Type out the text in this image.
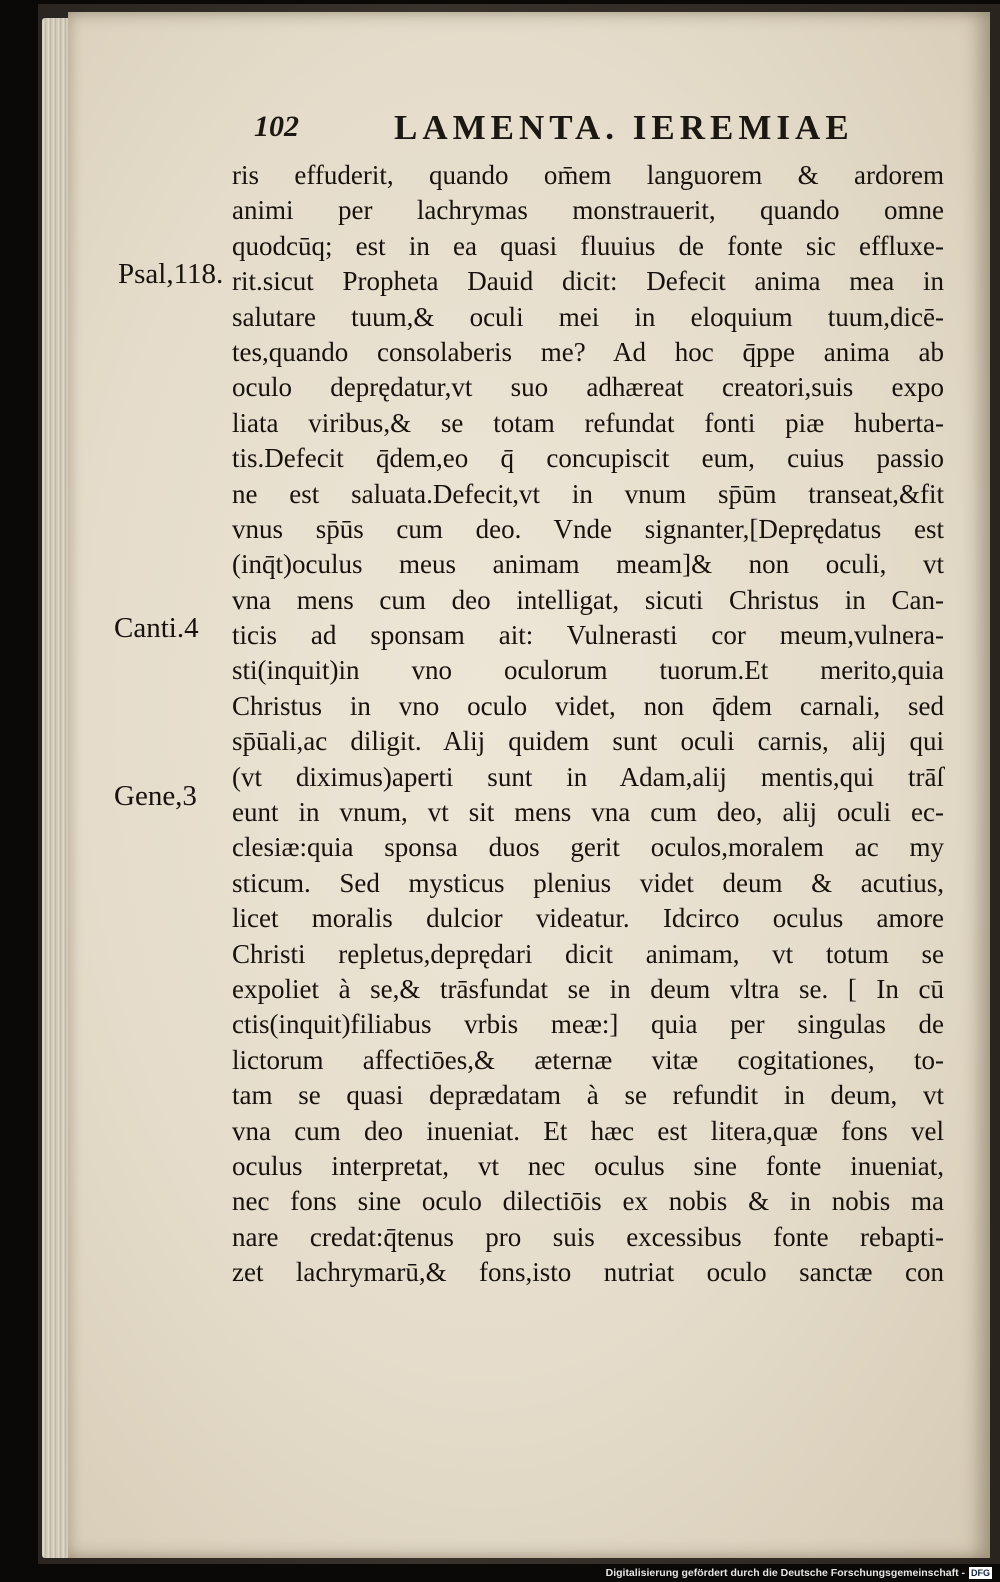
102	LAMENTA. IEREMIAE
Psal,118.
Canti.4
Gene,3
ris effuderit, quando om̄em languorem & ardorem
animi per lachrymas monstrauerit, quando omne
quodcūq; est in ea quasi fluuius de fonte sic effluxe-
rit.sicut Propheta Dauid dicit: Defecit anima mea in
salutare tuum,& oculi mei in eloquium tuum,dicē-
tes,quando consolaberis me? Ad hoc q̄ppe anima ab
oculo deprędatur,vt suo adhæreat creatori,suis expo
liata viribus,& se totam refundat fonti piæ huberta-
tis.Defecit q̄dem,eo q̄ concupiscit eum, cuius passio
ne est saluata.Defecit,vt in vnum sp̄ūm transeat,&fit
vnus sp̄ūs cum deo. Vnde signanter,[Deprędatus est
(inq̄t)oculus meus animam meam]& non oculi, vt
vna mens cum deo intelligat, sicuti Christus in Can-
ticis ad sponsam ait: Vulnerasti cor meum,vulnera-
sti(inquit)in vno oculorum tuorum.Et merito,quia
Christus in vno oculo videt, non q̄dem carnali, sed
sp̄ūali,ac diligit. Alij quidem sunt oculi carnis, alij qui
(vt diximus)aperti sunt in Adam,alij mentis,qui trāſ
eunt in vnum, vt sit mens vna cum deo, alij oculi ec-
clesiæ:quia sponsa duos gerit oculos,moralem ac my
sticum. Sed mysticus plenius videt deum & acutius,
licet moralis dulcior videatur. Idcirco oculus amore
Christi repletus,deprędari dicit animam, vt totum se
expoliet à se,& trāsfundat se in deum vltra se. [ In cū
ctis(inquit)filiabus vrbis meæ:] quia per singulas de
lictorum affectiōes,& æternæ vitæ cogitationes, to-
tam se quasi deprædatam à se refundit in deum, vt
vna cum deo inueniat. Et hæc est litera,quæ fons vel
oculus interpretat, vt nec oculus sine fonte inueniat,
nec fons sine oculo dilectiōis ex nobis & in nobis ma
nare credat:q̄tenus pro suis excessibus fonte rebapti-
zet lachrymarū,& fons,isto nutriat oculo sanctæ con
Digitalisierung gefördert durch die Deutsche Forschungsgemeinschaft - DFG
